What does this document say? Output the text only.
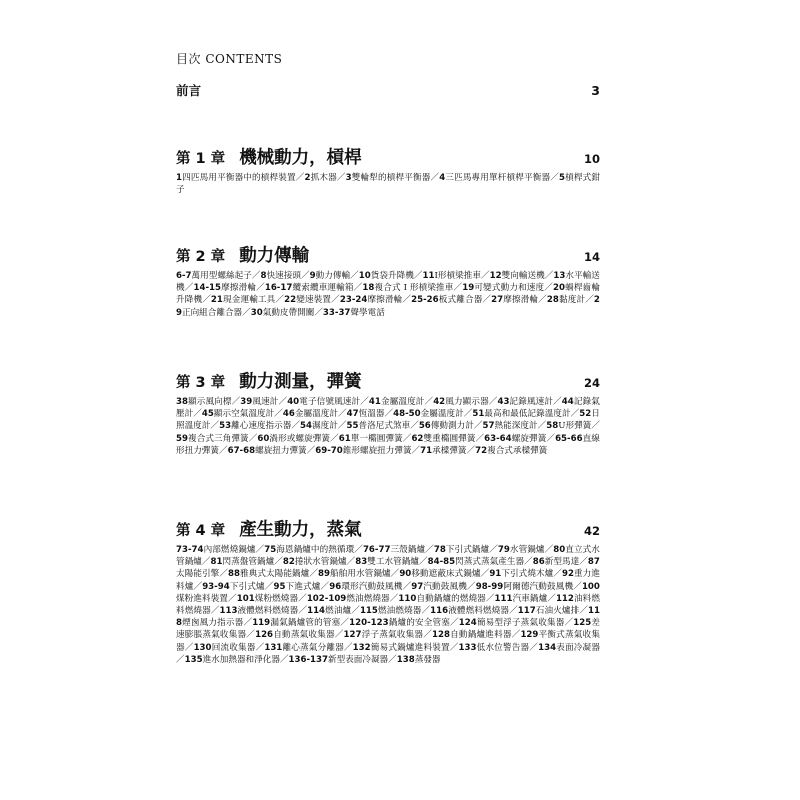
目次 CONTENTS
前言	3
第 1 章 機械動力，槓桿	10
1四匹馬用平衡器中的槓桿裝置／2抓木器／3雙輪犁的槓桿平衡器／4三匹馬專用單杆槓桿平衡器／5槓桿式鉗子
第 2 章 動力傳輸	14
6-7萬用型螺絲起子／8快速接頭／9動力傳輸／10貨袋升降機／11I形槓梁推車／12雙向輸送機／13水平輸送機／14-15摩擦滑輪／16-17纜索纜車運輸箱／18複合式 I 形槓梁推車／19可變式動力和速度／20蝸桿齒輪升降機／21現金運輸工具／22變速裝置／23-24摩擦滑輪／25-26板式離合器／27摩擦滑輪／28黏度計／29正向組合離合器／30氣動皮帶開關／33-37聲學電話
第 3 章 動力測量，彈簧	24
38顯示風向標／39風速計／40電子信號風速計／41金屬溫度計／42風力顯示器／43記錄風速計／44記錄氣壓計／45顯示空氣溫度計／46金屬溫度計／47恆溫器／48-50金屬溫度計／51最高和最低記錄溫度計／52日照溫度計／53離心速度指示器／54濕度計／55普洛尼式煞車／56傳動測力計／57熱能深度計／58U形彈簧／59複合式三角彈簧／60渦形或螺旋彈簧／61單一橢圓彈簧／62雙重橢圓彈簧／63-64螺旋彈簧／65-66直線形扭力彈簧／67-68螺旋扭力彈簧／69-70錐形螺旋扭力彈簧／71承樑彈簧／72複合式承樑彈簧
第 4 章 產生動力，蒸氣	42
73-74內部燃燒鍋爐／75海恩鍋爐中的熱循環／76-77三殼鍋爐／78下引式鍋爐／79水管鍋爐／80直立式水管鍋爐／81閃蒸盤管鍋爐／82捲狀水管鍋爐／83雙工水管鍋爐／84-85閃蒸式蒸氣產生器／86新型馬達／87太陽能引擎／88雅典式太陽能鍋爐／89船舶用水管鍋爐／90移動遮蔽床式鍋爐／91下引式燒木爐／92重力進料爐／93-94下引式爐／95下進式爐／96環形汽動鼓風機／97汽動鼓風機／98-99阿爾德汽動鼓風機／100煤粉進料裝置／101煤粉燃燒器／102-109燃油燃燒器／110自動鍋爐的燃燒器／111汽車鍋爐／112油料燃料燃燒器／113液體燃料燃燒器／114燃油爐／115燃油燃燒器／116液體燃料燃燒器／117石油火爐排／118煙囪風力指示器／119漏氣鍋爐管的管塞／120-123鍋爐的安全管塞／124簡易型浮子蒸氣收集器／125差速膨脹蒸氣收集器／126自動蒸氣收集器／127浮子蒸氣收集器／128自動鍋爐進料器／129平衡式蒸氣收集器／130回流收集器／131離心蒸氣分離器／132簡易式鍋爐進料裝置／133低水位警告器／134表面冷凝器／135進水加熱器和淨化器／136-137新型表面冷凝器／138蒸發器
